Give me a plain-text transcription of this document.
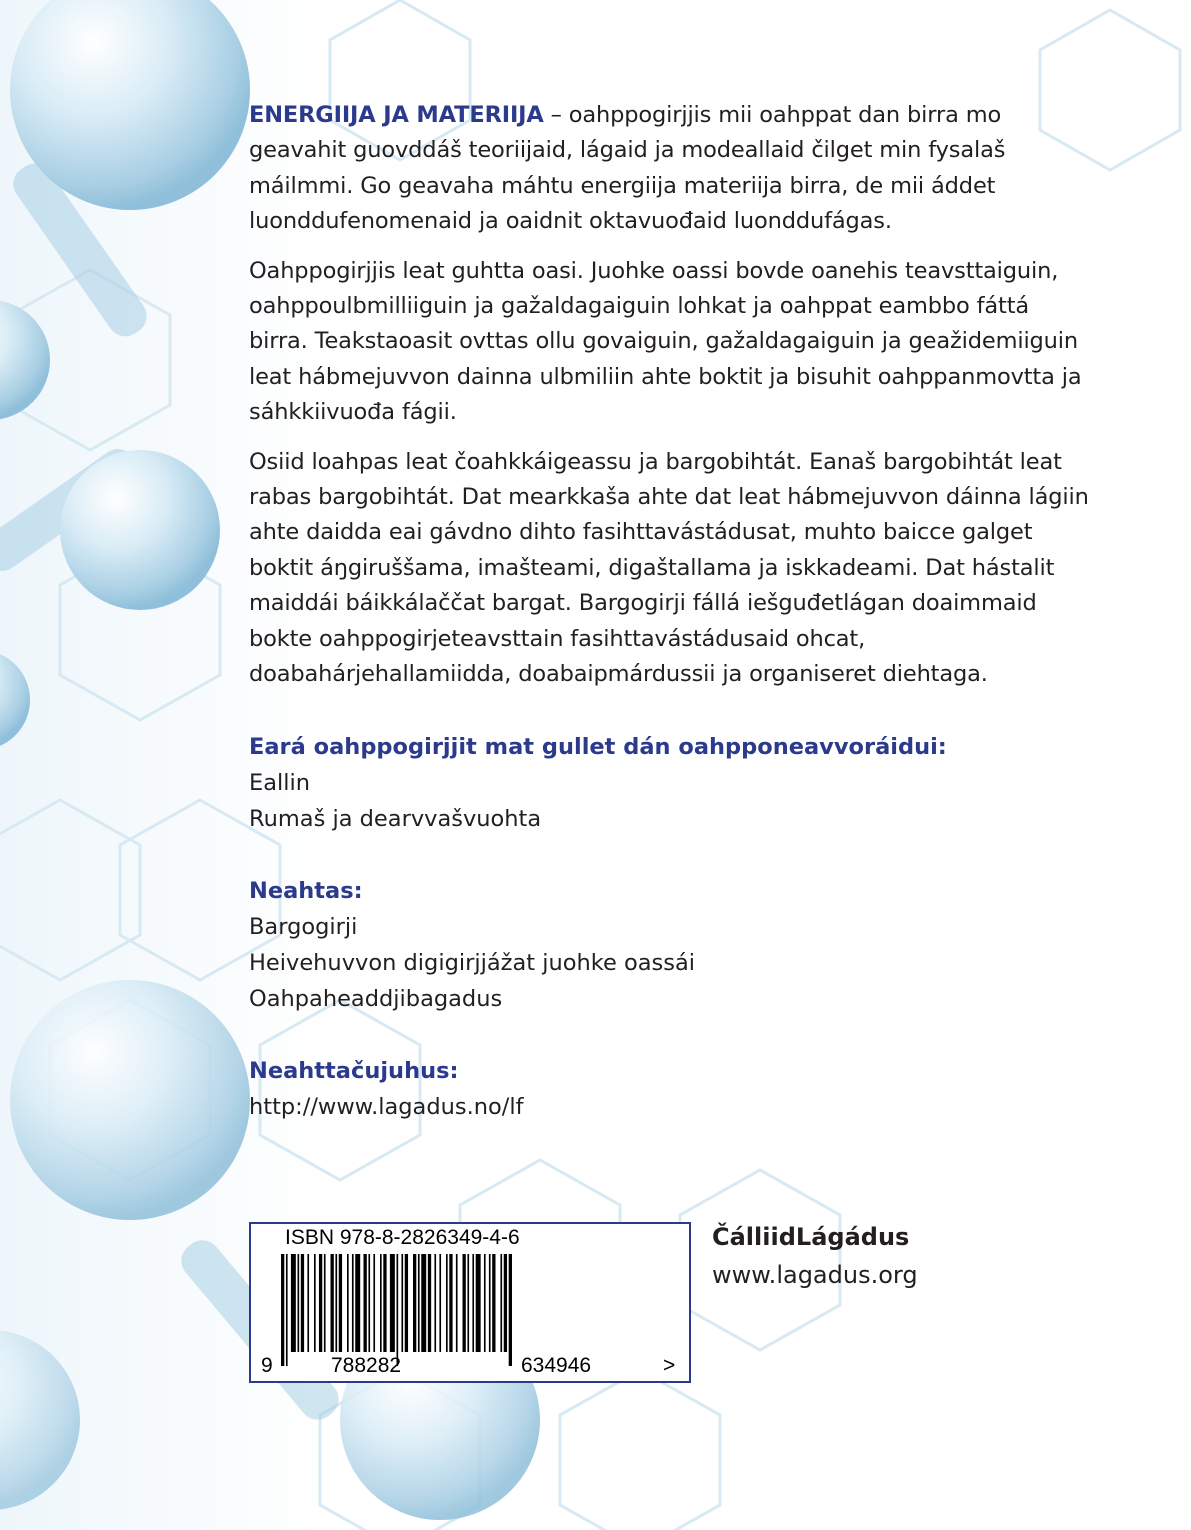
ENERGIIJA JA MATERIIJA – oahppogirjjis mii oahppat dan birra mo geavahit guovddáš teoriijaid, lágaid ja modeallaid čilget min fysalaš máilmmi. Go geavaha máhtu energiija materiija birra, de mii áddet luonddufenomenaid ja oaidnit oktavuođaid luonddufágas.

Oahppogirjjis leat guhtta oasi. Juohke oassi bovde oanehis teavsttaiguin, oahppoulbmilliiguin ja gažaldagaiguin lohkat ja oahppat eambbo fáttá birra. Teakstaoasit ovttas ollu govaiguin, gažaldagaiguin ja geažidemiiguin leat hábmejuvvon dainna ulbmiliin ahte boktit ja bisuhit oahppanmovtta ja sáhkkiivuođa fágii.

Osiid loahpas leat čoahkkáigeassu ja bargobihtát. Eanaš bargobihtát leat rabas bargobihtát. Dat mearkkaša ahte dat leat hábmejuvvon dáinna lágiin ahte daidda eai gávdno dihto fasihttavástádusat, muhto baicce galget boktit áŋgiruššama, imašteami, digaštallama ja iskkadeami. Dat hástalit maiddái báikkálaččat bargat. Bargogirji fállá iešguđetlágan doaimmaid bokte oahppogirjeteavsttain fasihttavástádusaid ohcat, doabahárjehallamiidda, doabaipmárdussii ja organiseret diehtaga.

Eará oahppogirjjit mat gullet dán oahpponeavvoráidui:
Eallin
Rumaš ja dearvvašvuohta
Neahtas:
Bargogirji
Heivehuvvon digigirjjážat juohke oassái
Oahpaheaddjibagadus
Neahttačujuhus:
http://www.lagadus.no/lf
ISBN 978-8-2826349-4-6
9	788282	634946	>
ČálliidLágádus
www.lagadus.org
